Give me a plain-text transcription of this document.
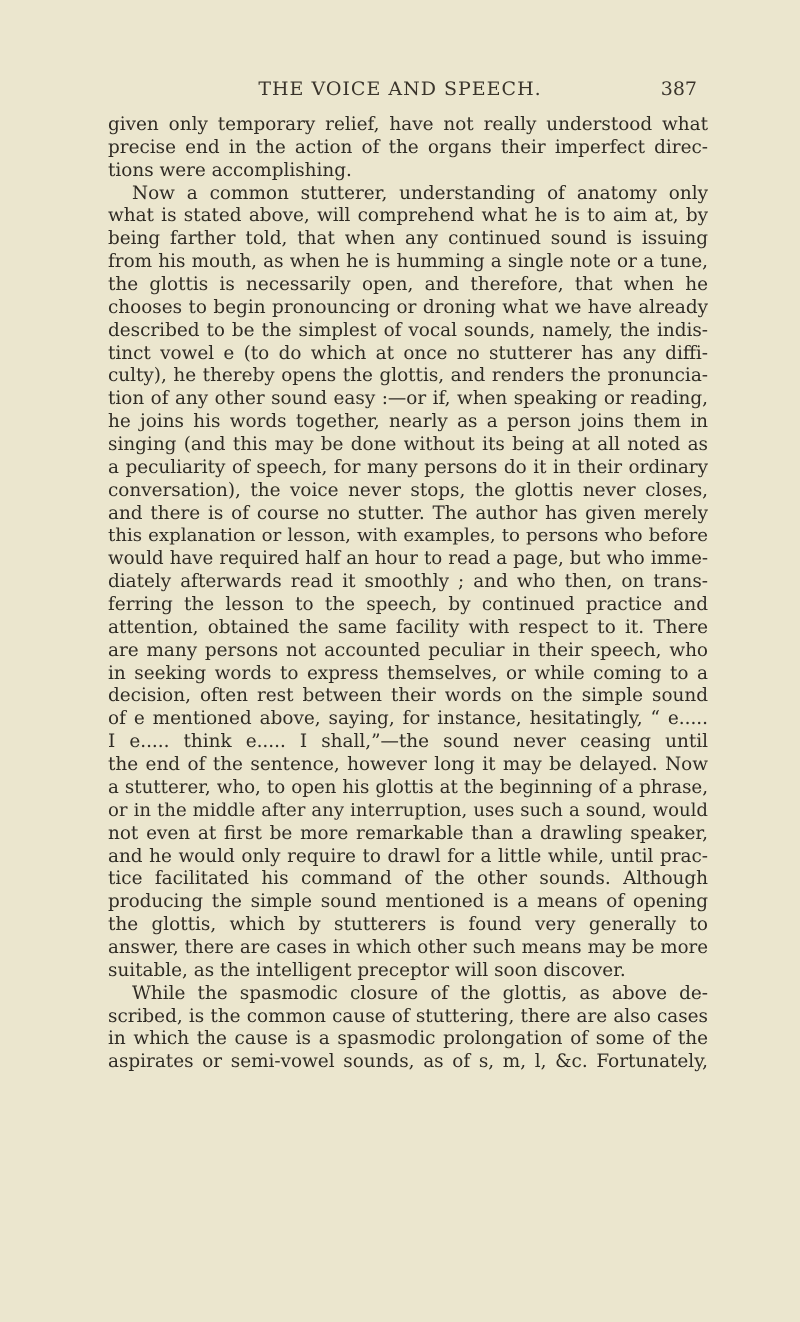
THE VOICE AND SPEECH.	387
given only temporary relief, have not really understood what
precise end in the action of the organs their imperfect direc-
tions were accomplishing.
Now a common stutterer, understanding of anatomy only
what is stated above, will comprehend what he is to aim at, by
being farther told, that when any continued sound is issuing
from his mouth, as when he is humming a single note or a tune,
the glottis is necessarily open, and therefore, that when he
chooses to begin pronouncing or droning what we have already
described to be the simplest of vocal sounds, namely, the indis-
tinct vowel e (to do which at once no stutterer has any diffi-
culty), he thereby opens the glottis, and renders the pronuncia-
tion of any other sound easy :—or if, when speaking or reading,
he joins his words together, nearly as a person joins them in
singing (and this may be done without its being at all noted as
a peculiarity of speech, for many persons do it in their ordinary
conversation), the voice never stops, the glottis never closes,
and there is of course no stutter. The author has given merely
this explanation or lesson, with examples, to persons who before
would have required half an hour to read a page, but who imme-
diately afterwards read it smoothly ; and who then, on trans-
ferring the lesson to the speech, by continued practice and
attention, obtained the same facility with respect to it. There
are many persons not accounted peculiar in their speech, who
in seeking words to express themselves, or while coming to a
decision, often rest between their words on the simple sound
of e mentioned above, saying, for instance, hesitatingly, “ e.....
I e..... think e..... I shall,”—the sound never ceasing until
the end of the sentence, however long it may be delayed. Now
a stutterer, who, to open his glottis at the beginning of a phrase,
or in the middle after any interruption, uses such a sound, would
not even at first be more remarkable than a drawling speaker,
and he would only require to drawl for a little while, until prac-
tice facilitated his command of the other sounds. Although
producing the simple sound mentioned is a means of opening
the glottis, which by stutterers is found very generally to
answer, there are cases in which other such means may be more
suitable, as the intelligent preceptor will soon discover.
While the spasmodic closure of the glottis, as above de-
scribed, is the common cause of stuttering, there are also cases
in which the cause is a spasmodic prolongation of some of the
aspirates or semi-vowel sounds, as of s, m, l, &c. Fortunately,
